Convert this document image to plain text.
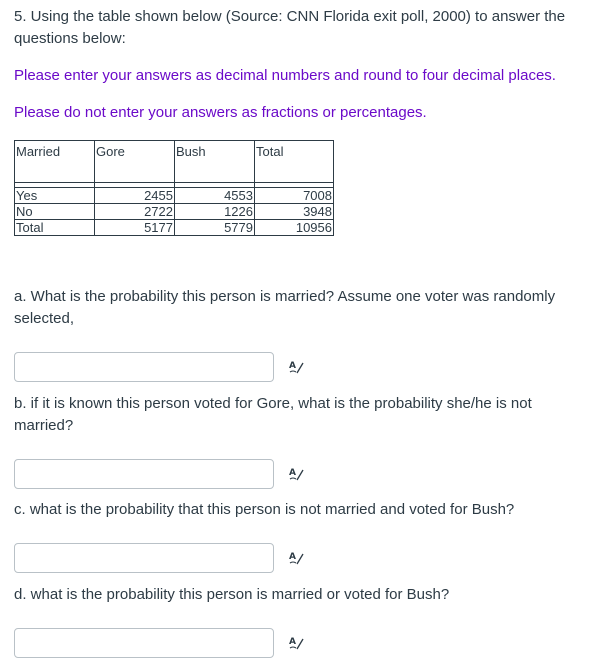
5. Using the table shown below (Source: CNN Florida exit poll, 2000) to answer the questions below:
Please enter your answers as decimal numbers and round to four decimal places.
Please do not enter your answers as fractions or percentages.
Married	Gore	Bush	Total

Yes	2455	4553	7008
No	2722	1226	3948
Total	5177	5779	10956
a. What is the probability this person is married? Assume one voter was randomly selected,
A
b. if it is known this person voted for Gore, what is the probability she/he is not married?
A
c. what is the probability that this person is not married and voted for Bush?
A
d. what is the probability this person is married or voted for Bush?
A
